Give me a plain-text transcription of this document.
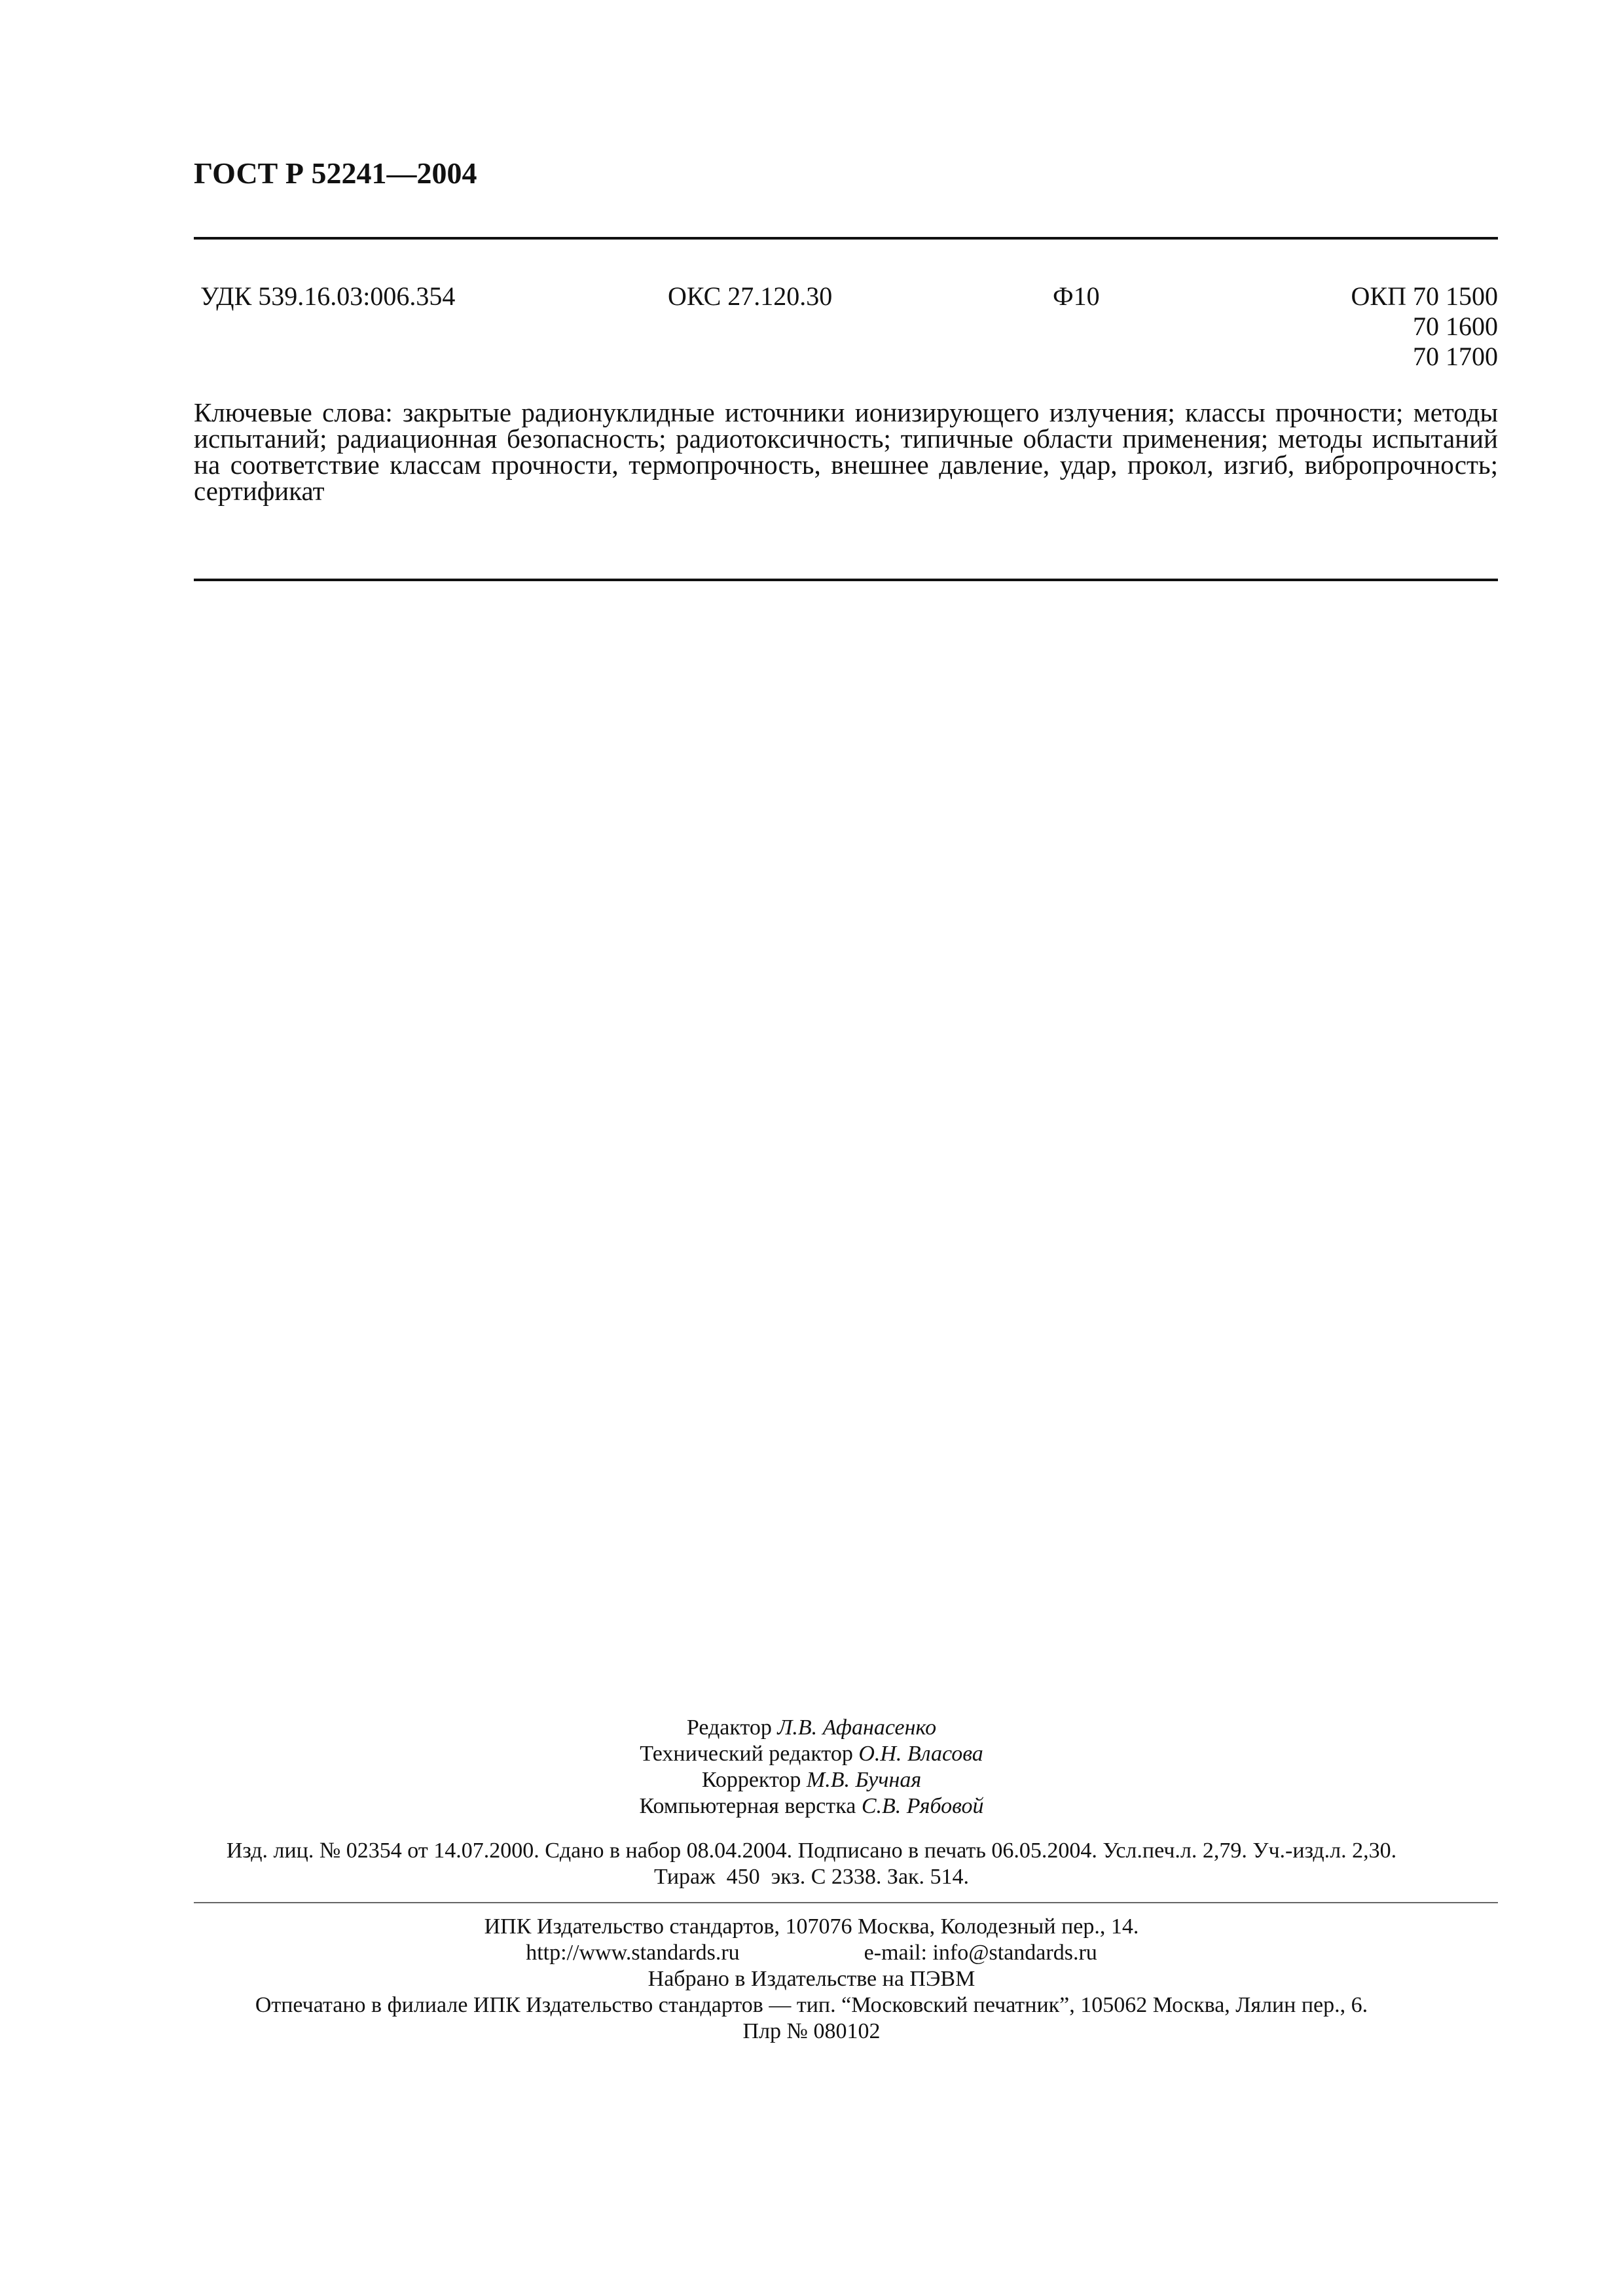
ГОСТ Р 52241—2004
УДК 539.16.03:006.354	ОКС 27.120.30	Ф10	ОКП 70 1500
70 1600
70 1700
Ключевые слова: закрытые радионуклидные источники ионизирующего излучения; классы прочности; методы испытаний; радиационная безопасность; радиотоксичность; типичные области применения; методы испытаний на соответствие классам прочности, термопрочность, внешнее давление, удар, прокол, изгиб, вибропрочность; сертификат
Редактор Л.В. Афанасенко
Технический редактор О.Н. Власова
Корректор М.В. Бучная
Компьютерная верстка С.В. Рябовой
Изд. лиц. № 02354 от 14.07.2000. Сдано в набор 08.04.2004. Подписано в печать 06.05.2004. Усл.печ.л. 2,79. Уч.-изд.л. 2,30.
Тираж  450  экз. С 2338. Зак. 514.
ИПК Издательство стандартов, 107076 Москва, Колодезный пер., 14.
http://www.standards.ru	e-mail: info@standards.ru
Набрано в Издательстве на ПЭВМ
Отпечатано в филиале ИПК Издательство стандартов — тип. “Московский печатник”, 105062 Москва, Лялин пер., 6.
Плр № 080102
